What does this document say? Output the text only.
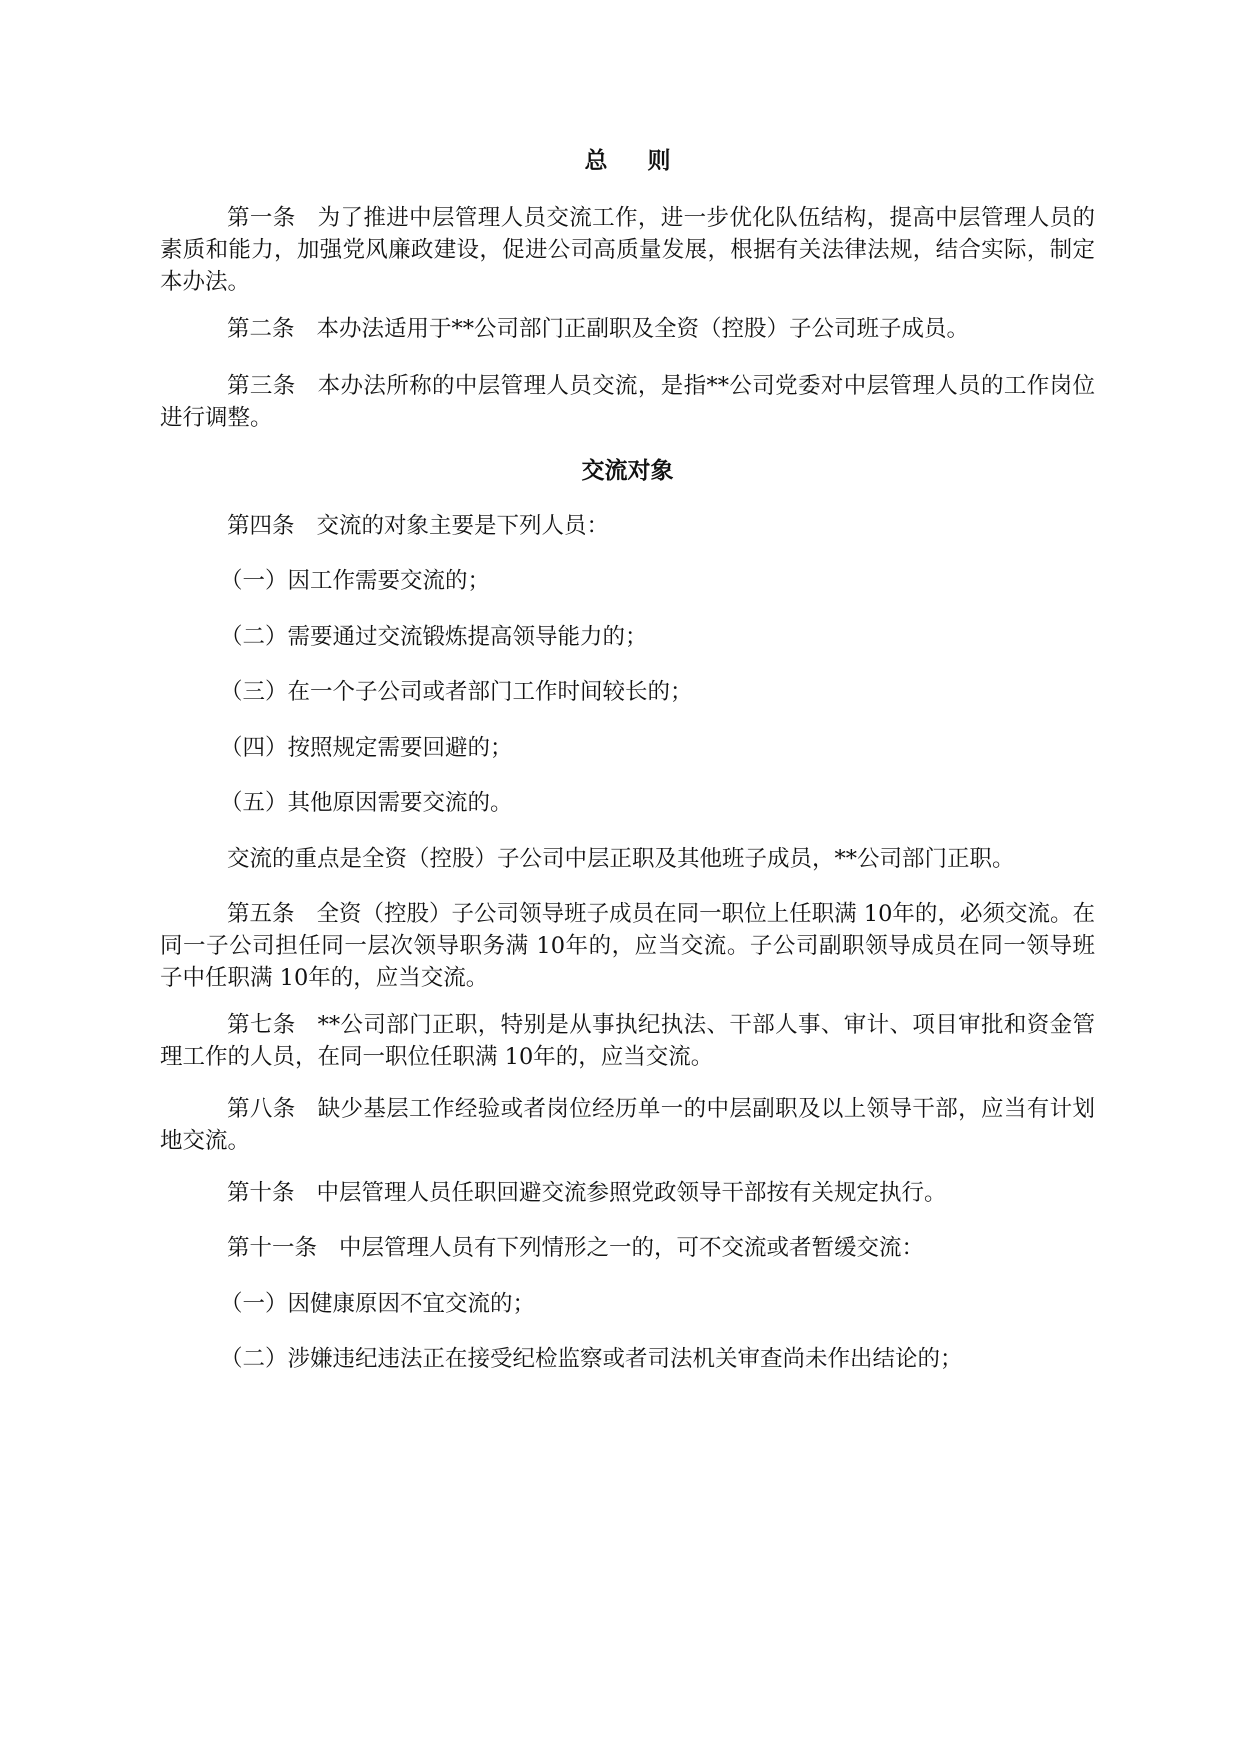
总则

第一条 为了推进中层管理人员交流工作，进一步优化队伍结构，提高中层管理人员的素质和能力，加强党风廉政建设，促进公司高质量发展，根据有关法律法规，结合实际，制定本办法。

第二条 本办法适用于**公司部门正副职及全资（控股）子公司班子成员。

第三条 本办法所称的中层管理人员交流，是指**公司党委对中层管理人员的工作岗位进行调整。

交流对象

第四条 交流的对象主要是下列人员：

（一）因工作需要交流的；

（二）需要通过交流锻炼提高领导能力的；

（三）在一个子公司或者部门工作时间较长的；

（四）按照规定需要回避的；

（五）其他原因需要交流的。

交流的重点是全资（控股）子公司中层正职及其他班子成员，**公司部门正职。

第五条 全资（控股）子公司领导班子成员在同一职位上任职满 10年的，必须交流。在同一子公司担任同一层次领导职务满 10年的，应当交流。子公司副职领导成员在同一领导班子中任职满 10年的，应当交流。

第七条 **公司部门正职，特别是从事执纪执法、干部人事、审计、项目审批和资金管理工作的人员，在同一职位任职满 10年的，应当交流。

第八条 缺少基层工作经验或者岗位经历单一的中层副职及以上领导干部，应当有计划地交流。

第十条 中层管理人员任职回避交流参照党政领导干部按有关规定执行。

第十一条 中层管理人员有下列情形之一的，可不交流或者暂缓交流：

（一）因健康原因不宜交流的；

（二）涉嫌违纪违法正在接受纪检监察或者司法机关审查尚未作出结论的；
